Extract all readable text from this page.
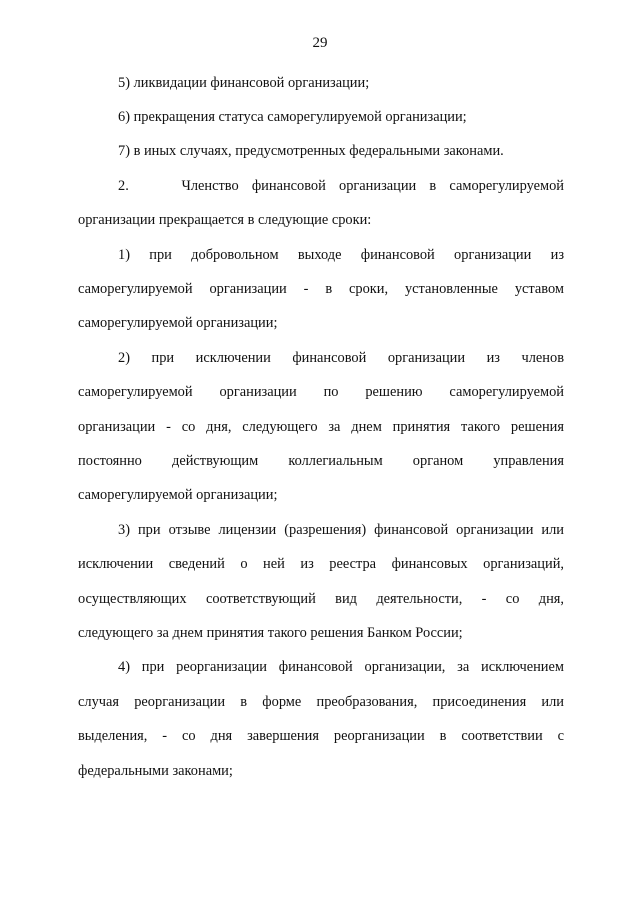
29
5) ликвидации финансовой организации;
6) прекращения статуса саморегулируемой организации;
7) в иных случаях, предусмотренных федеральными законами.
2.    Членство финансовой организации в саморегулируемой
организации прекращается в следующие сроки:
1) при добровольном выходе финансовой организации из
саморегулируемой организации - в сроки, установленные уставом
саморегулируемой организации;
2) при исключении финансовой организации из членов
саморегулируемой организации по решению саморегулируемой
организации - со дня, следующего за днем принятия такого решения
постоянно действующим коллегиальным органом управления
саморегулируемой организации;
3) при отзыве лицензии (разрешения) финансовой организации или
исключении сведений о ней из реестра финансовых организаций,
осуществляющих соответствующий вид деятельности, - со дня,
следующего за днем принятия такого решения Банком России;
4) при реорганизации финансовой организации, за исключением
случая реорганизации в форме преобразования, присоединения или
выделения, - со дня завершения реорганизации в соответствии с
федеральными законами;
